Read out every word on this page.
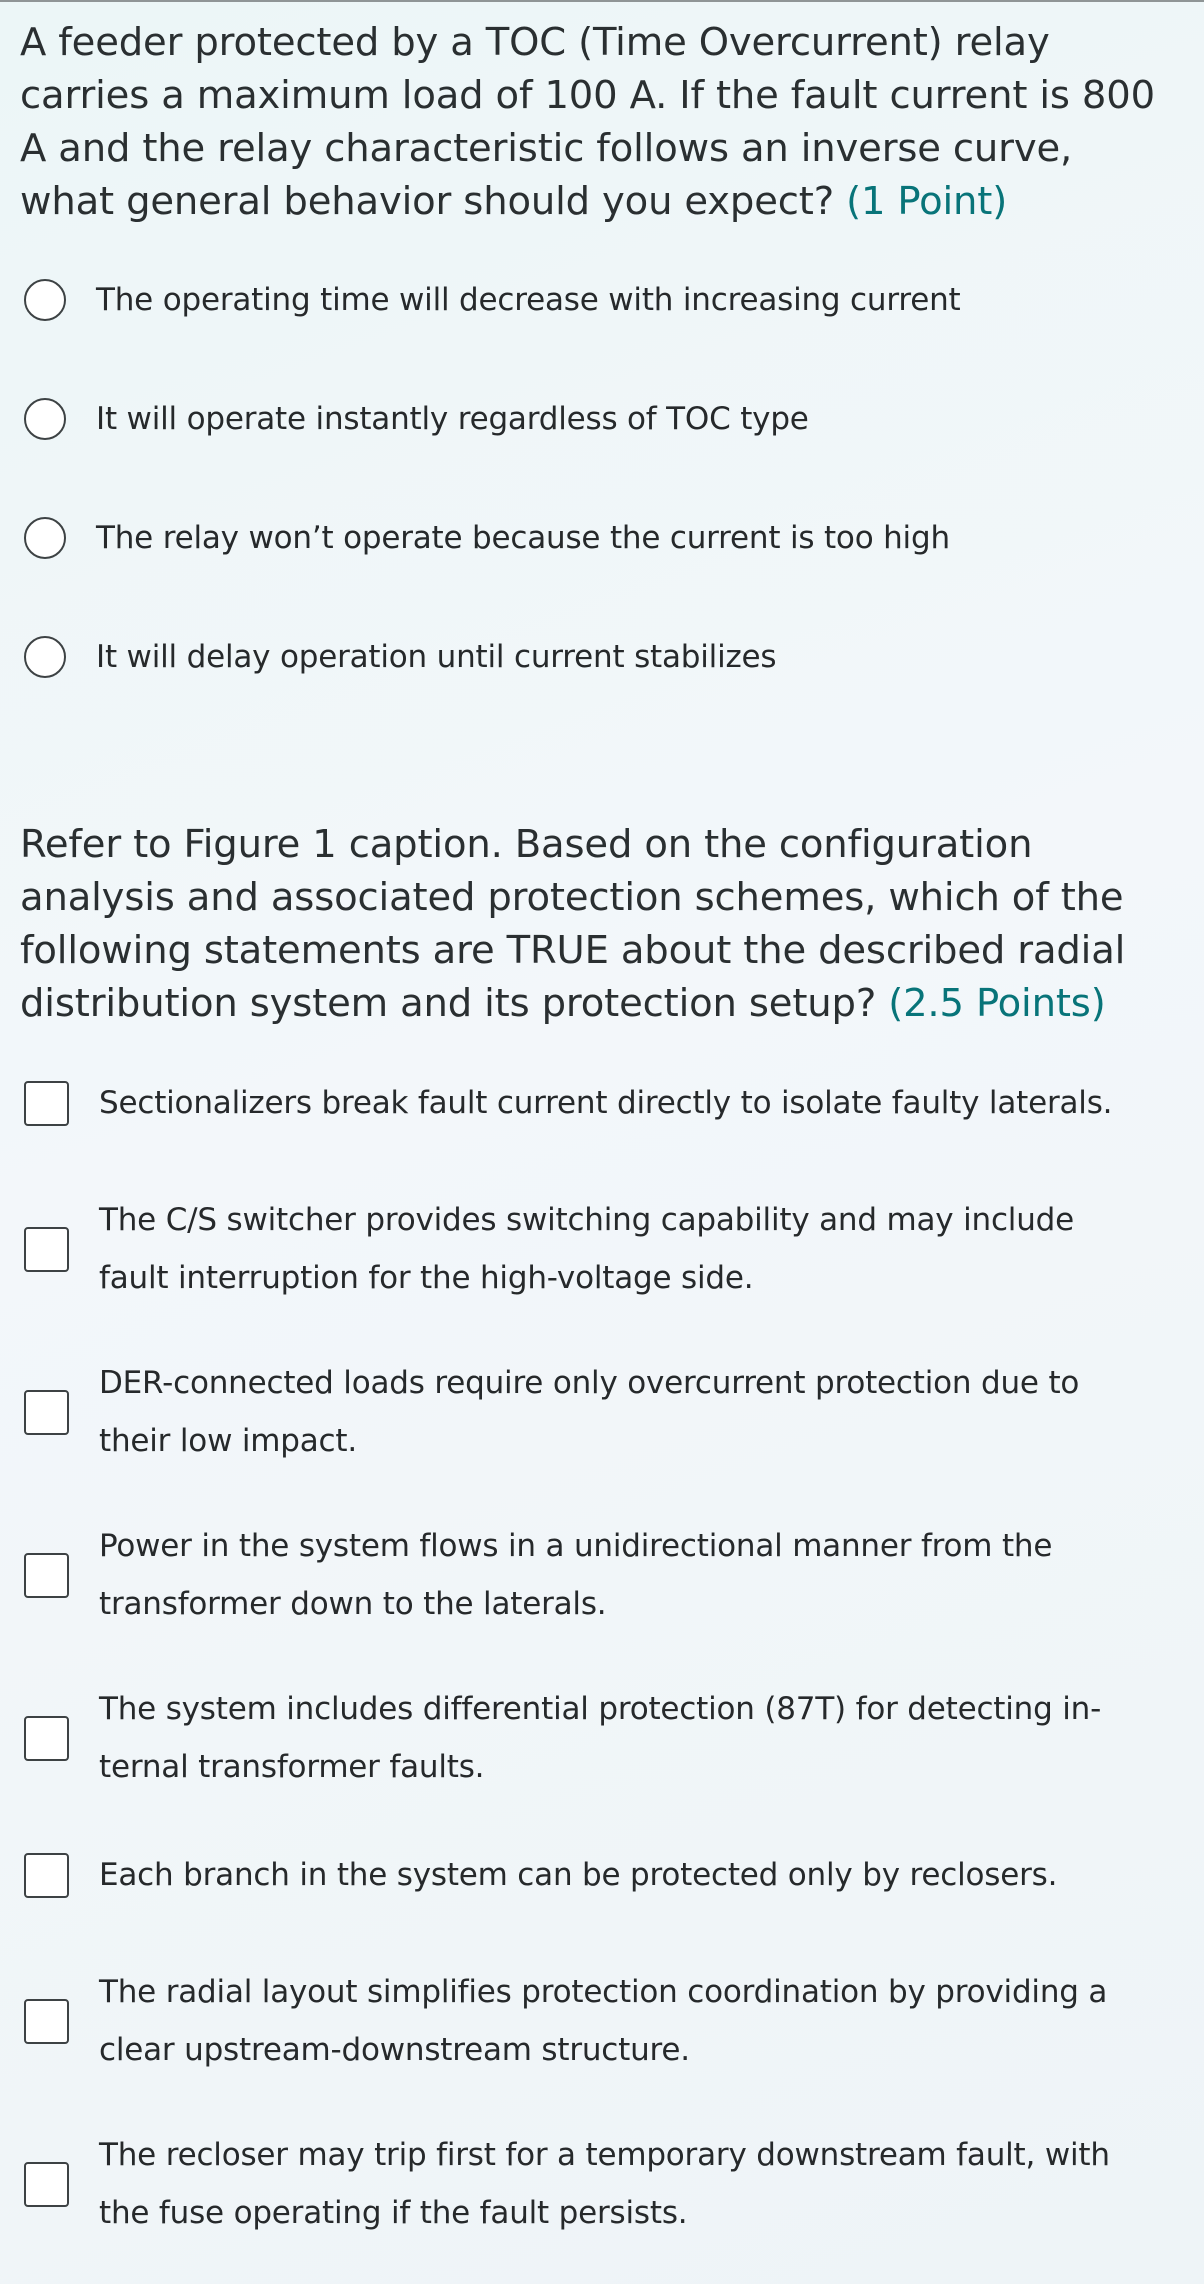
A feeder protected by a TOC (Time Overcurrent) relay carries a maximum load of 100 A. If the fault current is 800 A and the relay characteristic follows an inverse curve, what general behavior should you expect? (1 Point)

The operating time will decrease with increasing current
It will operate instantly regardless of TOC type
The relay won’t operate because the current is too high
It will delay operation until current stabilizes

Refer to Figure 1 caption. Based on the configuration analysis and associated protection schemes, which of the following statements are TRUE about the described radial distribution system and its protection setup? (2.5 Points)

Sectionalizers break fault current directly to isolate faulty laterals.
The C/S switcher provides switching capability and may include fault interruption for the high-voltage side.
DER-connected loads require only overcurrent protection due to their low impact.
Power in the system flows in a unidirectional manner from the transformer down to the laterals.
The system includes differential protection (87T) for detecting in-ternal transformer faults.
Each branch in the system can be protected only by reclosers.
The radial layout simplifies protection coordination by providing a clear upstream-downstream structure.
The recloser may trip first for a temporary downstream fault, with the fuse operating if the fault persists.
